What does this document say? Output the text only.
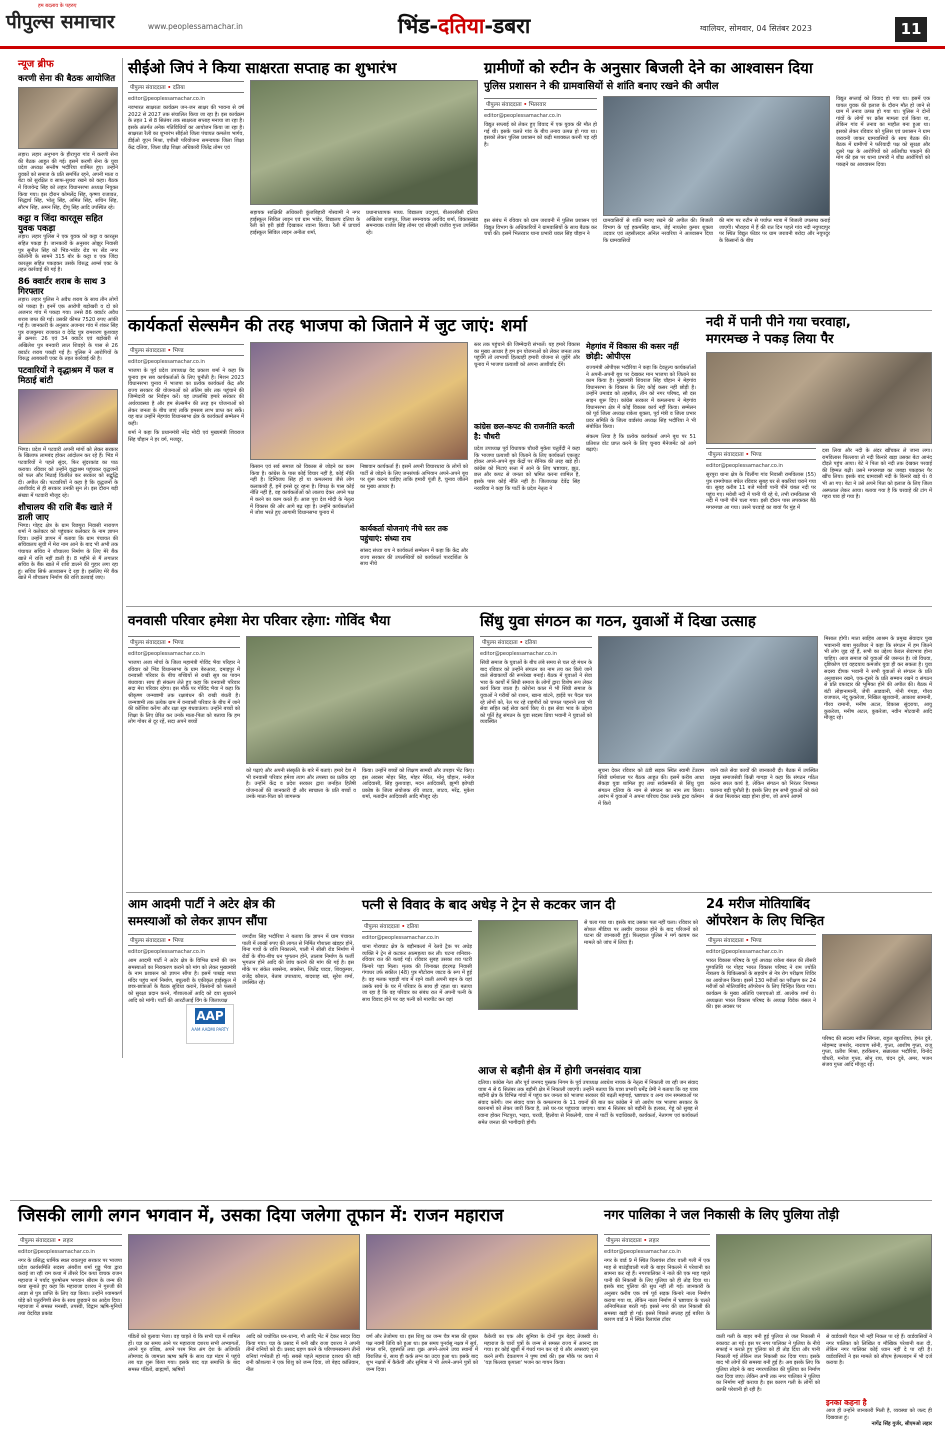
पीपुल्स समाचार
हम बदलाव के पहरुए
www.peoplessamachar.in	भिंड-दतिया-डबरा	ग्वालियर, सोमवार, 04 सितंबर 2023	11
न्यूज ब्रीफ
करणी सेना की बैठक आयोजित
लहार। लहार अनुभाग के हीरापुरा गांव में करणी सेना की बैठक आहूत की गई। इसमें करणी सेना के युवा प्रदेश अध्यक्ष सन्तीष भदौरिया शामिल हुए। उन्होंने युवकों को समाज के प्रति समर्पित रहने, अपनी माता व बेटा को सुरक्षित व साफ-सुथरा रखने को कहा। बैठक में विजयेन्द्र सिंह को लहार विधानसभा अध्यक्ष नियुक्त किया गया। इस दौरान कोमलेंद्र सिंह, कृष्णा राजावत, सिद्धार्थ सिंह, भोलू सिंह, अमित सिंह, सचिन सिंह, सौरभ सिंह, अमन सिंह, दीपू सिंह आदि उपस्थित रहे।
कट्टा व जिंदा कारतूस सहित युवक पकड़ा
लहार। लहार पुलिस ने एक युवक को कट्टा व कारतूस सहित पकड़ा है। जानकारी के अनुसार ओझुर निवासी पुत्र सुनील सिंह को भिंड-भांडेर रोड पर सेंड नगर कॉलोनी के सामने 315 बोर के कट्टा व एक जिंदा कारतूस सहित पकड़कर उसके विरुद्ध आर्म्स एक्ट के तहत कार्रवाई की गई है।
86 क्वार्टर शराब के साथ 3 गिरफ्तार
लहार। लहार पुलिस ने अवैध शराब के साथ तीन लोगों को पकड़ा है। इनमें एक आरोपी बड़ोखरी व दो को अजनार गांव में पकड़ा गया। उनसे 86 क्वार्टर अवैध शराब जब्त की गई। उसकी कीमत 7520 रुपए आंकी गई है। जानकारी के अनुसार अजनार गांव में शंकर सिंह पुत्र राजकुमार राजावत व देवेंद्र पुत्र रामशरण कुशवाह से क्रमश: 26 एवं 34 क्वार्टर एवं बड़ोखरी से अखिलेश पुत्र बनवारी लाल शिवहरे के पास से 26 क्वार्टर शराब पकड़ी गई है। पुलिस ने आरोपियों के विरुद्ध आबकारी एक्ट के तहत कार्रवाई की है।
पटवारियों ने वृद्धाश्रम में फल व मिठाई बांटी
भिण्ड। प्रदेश में पटवारी अपनी मांगों को लेकर सरकार के खिलाफ लामबंद होकर आंदोलन कर रहे हैं। भिंड में पटवारियों ने पहले सुंदर, फिर सुंदरकांड का पाठ कराया। रविवार को उन्होंने वृद्धाश्रम पहुंचकर वृद्धजनों को फल और मिठाई वितरित कर सरकार को सद्बुद्धि दी। अपील की। पटवारियों ने कहा है कि वृद्धजनों के आशीर्वाद से ही सरकार उनकी सुन ले। इस दौरान बड़ी संख्या में पटवारी मौजूद रहे।
शौचालय की राशि बैंक खाते में डाली जाए
भिण्ड। गोहद क्षेत्र के ग्राम रिछपुरा निवासी नारायण शर्मा ने कलेक्टर को पहुंचकर कलेक्टर के नाम ज्ञापन दिया। उन्होंने ज्ञापन में बताया कि ग्राम पंचायत की सचिवालय सूची में मेरा नाम आने के बाद भी अभी तक पंचायत सचिव ने शौचालय निर्माण के लिए मेरे बैंक खाते में राशि नहीं डाली है। 8 महीने से मैं लगातार सचिव के बैंक खाते में राशि डालने की गुहार लगा रहा हूं। सचिव सिर्फ आश्वासन दे रहा है। इसलिए मेरे बैंक खाते में शौचालय निर्माण की राशि डलवाई जाए।
सीईओ जिपं ने किया साक्षरता सप्ताह का शुभारंभ
पीपुल्स संवाददाता • दतिया
editor@peoplessamachar.co.in
नवभारत साक्षरता कार्यक्रम जन-जन साक्षर की भावना से वर्ष 2022 से 2027 तक संचालित किया जा रहा है। इस कार्यक्रम के तहत 1 से 8 सितंबर तक साक्षरता सप्ताह मनाया जा रहा है। इसके अंतर्गत अनेक गतिविधियों का आयोजन किया जा रहा है। साक्षरता रैली का शुभारंभ सीईओ जिला पंचायत कमलेश भार्गव, डीईओ यूएन मिश्रा, एपीसी परियोजना समन्वयक जिला शिक्षा केंद्र दतिया, जिला प्रौढ़ शिक्षा अधिकारी जितेंद्र तोमर एवं
सहायक साक्षिकी अधिकारी कुंजबिहारी गोस्वामी ने नगर हाईस्कूल सिविल लाइन एवं ग्राम भांडेर, विद्यालय दतिया के रैली को हरी झंडी दिखाकर रवाना किया। रैली में प्राचार्य हाईस्कूल सिविल लाइन अनीता शर्मा,
प्रधानाध्यापक माध्य. विद्यालय उदगुवां, बीआरसीसी दतिया अखिलेश राजपूत, जिला समन्वयक अरविंद शर्मा, विकासखंड समन्वयक राजेश सिंह तोमर एवं सीएसी राजीव गुप्ता उपस्थित रहे।
ग्रामीणों को रुटीन के अनुसार बिजली देने का आश्वासन दिया
पुलिस प्रशासन ने की ग्रामवासियों से शांति बनाए रखने की अपील
पीपुल्स संवाददाता • भितरवार
editor@peoplessamachar.co.in
विद्युत सप्लाई को लेकर हुए विवाद में एक युवक की मौत हो गई थी। इसके चलते गांव के बीच तनाव उत्पन्न हो गया था। इसको लेकर पुलिस प्रशासन को कड़ी मशक्कत करनी पड़ रही है।
इस संबंध में रविवार को ग्राम जरावनी में पुलिस प्रशासन एवं विद्युत विभाग के अधिकारियों ने ग्रामवासियों के साथ बैठक कर चर्चा की। इसमें भितरवार थाना प्रभारी धवल सिंह चौहान ने
ग्रामवासियों से शांति बनाए रखने की अपील की। बिजली विभाग के एई हकमसिंह खान, जेई नायलेश कुमार शुक्ला उदवार एवं तहसीलदार अनिल नरवरिया ने आश्वासन दिया कि ग्रामवासियों
की मांग पर रुटीन से पर्याप्त मात्रा में बिजली उपलब्ध कराई जाएगी। भौराहरा में हैं की रात दिन पहले गांव नदी नयुपदापुर पर स्थित विद्युत फीडर पर ग्राम जरावनी बरोदा और नयुपदुर के किसानों के बीच
विद्युत सप्लाई को विवाद हो गया था। इसमें एक घायल युवक की इलाज के दौरान मौत हो जाने से ग्राम में तनाव उत्पन्न हो गया था। पुलिस ने दोनों गांवों के लोगों पर क्रॉस मामला दर्ज किया था, लेकिन गांव में तनाव का माहौल बना हुआ था। इसको लेकर रविवार को पुलिस एवं प्रशासन ने ग्राम जरावनी जाकर ग्रामवासियों के साथ बैठक की। बैठक में ग्रामीणों ने फरियादी पक्ष को सुरक्षा और दूसरे पक्ष के आरोपियों को अतिशीघ्र पकड़ने की मांग की इस पर थाना प्रभारी ने शीघ्र आरोपियों को पकड़ने का आश्वासन दिया।
कार्यकर्ता सेल्समैन की तरह भाजपा को जिताने में जुट जाएं: शर्मा
पीपुल्स संवाददाता • भिण्ड
editor@peoplessamachar.co.in
भाजपा के पूर्व प्रदेश उपाध्यक्ष वेद प्रकाश शर्मा ने कहा कि चुनाव हम सब कार्यकर्ताओं के लिए चुनौती है। मिशन 2023 विधानसभा चुनाव में भाजपा का प्रत्येक कार्यकर्ता केंद्र और राज्य सरकार की योजनाओं को अंतिम छोर तक पहुंचाने की जिम्मेदारी का निर्वहन करें। यह उपलब्धि हमारे सरकार की अर्थव्यवस्था है और हम सेल्समैन की तरह इन योजनाओं को लेकर जनता के बीच जाएं ताकि हमसब लाभ प्राप्त कर सकें। यह बात उन्होंने मेहगांव विधानसभा क्षेत्र के कार्यकर्ता सम्मेलन में कही।
शर्मा ने कहा कि प्रधानमंत्री नरेंद्र मोदी एवं मुख्यमंत्री शिवराज सिंह चौहान ने हर वर्ग, मजदूर,
किसान एवं सर्व समाज को विकास से जोड़ने का काम किया है। कांग्रेस के पास कोई विचार नहीं है, कोई नीति नहीं है। दिग्विजय सिंह हों या कमलनाथ जैसे लोग कलाकारी हैं, हमें इनसे दूर रहना है। विपक्ष के पास कोई नीति नहीं है, वह कार्यकर्ताओं को लालच देकर अपने पक्ष में करने का काम करते हैं। आज पूरा देश मोदी के नेतृत्व में विकास की ओर आगे बढ़ रहा है। उन्होंने कार्यकर्ताओं में जोश भरते हुए आगामी विधानसभा चुनाव में
निष्ठावान कार्यकर्ता हैं। इसमें अपनी विचारधारा के लोगों को पार्टी से जोड़ने के लिए जनसंपर्क अभियान अपने-अपने बूथ पर शुरू करना चाहिए ताकि हमारी पूंजी है, चुनाव जीतने का मुख्य आधार है।
कार्यकर्ता योजनाएं नीचे स्तर तक पहुंचाएं: संध्या राय
सांसद संध्या राय ने कार्यकर्ता सम्मेलन में कहा कि केंद्र और राज्य सरकार की उपलब्धियों को कार्यकर्ता पारदर्शिता के साथ नीचे
स्तर तक पहुंचाने की जिम्मेदारी संभालें। यह हमारे विकास का मुख्य आधार है हम इन योजनाओं को लेकर जनता तक पहुंचेंगे तो लाभार्थी हितग्राही हमारी योजना से जुड़ेंगे और चुनाव में भाजपा प्रत्याशी को अपना आशीर्वाद देंगे।
कांग्रेस छल-कपट की राजनीति करती है: चौधरी
प्रदेश उपाध्यक्ष पूर्व विधायक चौधरी मुकेश चतुर्वेदी ने कहा कि भाजपा प्रत्याशी को जिताने के लिए कार्यकर्ता एकजुट होकर अपने-अपने बूथ केंद्रों पर सैनिक की तरह खड़े हों। कांग्रेस को मिटाएं सत्ता में आने के लिए भ्रष्टाचार, झूठ, छल और कपट से जनता को भ्रमित करना शामिल है, इसके पास कोई नीति नहीं है। जिलाध्यक्ष देवेंद्र सिंह नरवरिया ने कहा कि पार्टी के प्रदेश नेतृत्व ने
मेहगांव में विकास की कसर नहीं छोड़ी: ओपीएस
राज्यमंत्री ओपीएस भदौरिया ने कहा कि देवतुल्य कार्यकर्ताओं ने अपनी-अपनी बूथ पर देखकर मान भाजपा को जिताने का काम किया है। मुख्यमंत्री शिवराज सिंह चौहान ने मेहगांव विधानसभा के विकास के लिए कोई कसर नहीं छोड़ी है। उन्होंने उमावंड को तहसील, तीन को नगर परिषद, सौ दस साइन शुरू दिए। कांग्रेस सरकार में कमलनाथ ने मेहगांव विधानसभा क्षेत्र में कोई विकास कार्य नहीं किया। सम्मेलन को पूर्व जिला अध्यक्ष राकेश शुक्ला, पूर्व मंत्री व जिला प्रभार प्रवर समिति के जिला वार्डसंध अध्यक्ष सिंह भदौरिया ने भी संबोधित किया।
संकल्प लिया है कि प्रत्येक कार्यकर्ता अपने बूथ पर 51 प्रतिशत वोट प्राप्त करने के लिए चुनाव मैनेजमेंट को आगे बढ़ाएं।
नदी में पानी पीने गया चरवाहा,
मगरमच्छ ने पकड़ लिया पैर
पीपुल्स संवाददाता • भिण्ड
editor@peoplessamachar.co.in
सुरपुरा थाना क्षेत्र के चिलौंगा गांव निवासी रामविलास (55) पुत्र रामगोपाल बघेल रविवार सुबह घर से बकरियां चराने गया था। सुबह करीब 11 बजे मवेशी पानी पीने चंबल नदी पर पहुंच गए। मवेशी नदी में पानी पी रहे थे, तभी रामविलास भी नदी में पानी पीने चला गया। इसी दौरान पास लपककर बैठे मगरमच्छ आ गया। उसने चरवाहे का बायां पैर मुंह में
दबा लिया और नदी के अंदर खींचकर ले जाना लगा। रामविलास चिल्लाया तो नदी किनारे खड़ा उसका बेटा आनंद दौड़ते पहुंच आया। बेटे ने पिता को नदी तक देखकर परवाई की हिम्मत बढ़ी। उसने मगरमच्छ का जबड़ा पकड़कर पैर खींच लिया। इसके बाद ग्रामवासी नदी के किनारे खड़े थे। वे भी आ गए। बेटा ने उसे अपने पिता को इलाज के लिए जिला अस्पताल लेकर आया। बताया गया है कि चरवाहे की टांग में गहरा घाव हो गया है।
वनवासी परिवार हमेशा मेरा परिवार रहेगा: गोविंद भैया
पीपुल्स संवाददाता • भिण्ड
editor@peoplessamachar.co.in
भाजपा अजा मोर्चा के जिला महामंत्री गोविंद भैया परिहार ने रविवार को भिंड विधानसभा के ग्राम बेरुआरा, दमाइपुर में वनवासी परिवार के बीच बच्चियों से राखी सूत्र का पावन बंधवाया। साथ ही संकल्प लेते हुए कहा कि वनवासी परिवार सदा मेरा परिवार रहेगा। इस मौके पर गोविंद भैया ने कहा कि श्रीकृष्ण जन्माष्टमी तक रक्षाबंधन की राखी बंधती है। जन्माष्टमी तक प्रत्येक ग्राम में वनवासी परिवार के बीच में जाने की कोशिश करेंगा और रक्षा सूत्र बंधवाऊंगा। उन्होंने बच्चों को शिक्षा के लिए प्रेरित कर उनके माता-पिता को बताया कि हम लोग गोबर से दूर रहें, सदा अपने बच्चों
को पढ़ाएं और अपनी संस्कृति के बारे में बताएं। हमारे देश में भी वनवासी परिवार हमेशा त्याग और तपस्या का प्रतीक रहा है। उन्होंने केंद्र व प्रदेश सरकार द्वारा जनहित हितैषी योजनाओं की जानकारी दी और स्वच्छता के प्रति बच्चों व उनके माता-पिता को जागरूक
किया। उन्होंने बच्चों को शिक्षण सामग्री और उपहार भेंट किए। इस अवसर मोहर सिंह, मोहर मेरित, मोनू चौहान, मनोज आदिवासी, सिंह कुशवाहा, मदन आदिवासी, झुग्गी झोपड़ी प्रकोष्ठ के जिला संयोजक रवि जाटव, जाटव, मरेंद्र, मुकेश शर्मा, मतादीन आदिवासी आदि मौजूद रहे।
सिंधु युवा संगठन का गठन, युवाओं में दिखा उत्साह
पीपुल्स संवाददाता • दतिया
editor@peoplessamachar.co.in
सिंधी समाज के युवाओं के बीच लंबे समय से चल रहे मंथन के बाद रविवार को उन्होंने संगठन का नाम तय कर किये जाने वाले सेवाकार्यों की रूपरेखा बनाई। बैठक में युवाओं ने सेवा भाव के कार्यों में सिंधी समाज के लोगों द्वारा विशेष रूप लेकर कार्य किया जाता है। कोरोना काल में भी सिंधी समाज के युवाओं ने गरीबों को राशन, खाना बांटने, हाईवे पर पैदल चल रहे लोगों को, रेल पर रहे राहगीरों को चप्पल पहनाने तथा भी सेवा सहित कई सेवा कार्य किए थे। इस सेवा भाव के उद्देश्य को पूर्ति हेतु संगठन के युवा सदस्य प्रिया भवानी ने युवाओं को व्यवस्थित
सूचना देकर रविवार को ठंडी सड़क स्थित स्वामी टेंउराम सिंधी धर्मशाला पर बैठक आहूत की। इसमें करीब आधा सैकड़ा युवा शामिल हुए तथा सर्वसम्मति से सिंधु युवा संगठन दतिया के नाम से संगठन का नाम तय किया। आरंभ में युवाओं ने अपना परिचय देकर उनके द्वारा वर्तमान में किये
जाने वाले सेवा कार्यों की जानकारी दी। बैठक में उपस्थित प्रमुख समाजसेवी किन्नी गागड़ा ने कहा कि संगठन गठित करना सरल कार्य है, लेकिन संगठन को निरंतर नियम्बत चलाना बड़ी चुनौती है। इसके लिए हम सभी युवाओं को कंधे से कंधा मिलाकर खड़ा होना होगा, जो अपने आपमें
मिसाल होगी। माता साहिब आश्रम के प्रमुख सेवादार पुख भवानानी बाबा मुरलीधर ने कहा कि संगठन में हम जितने भी लोग जुड़ रहे हैं, सभी का उद्देश्य केवल सेवाभाव होना चाहिए। आज समाज को युवाओं की जरूरत है। जो विधवा, दृष्टिकोण एवं वहदयाय कमजोर युवा ही कर सकता है। युवा सदस्य दीपक भवानी ने सभी युवाओं से संगठन के प्रति अनुशासन रखने, एक-दूसरे के प्रति सम्मान रखने व संगठन से प्रति वफादार की भूमिका होने की अपील की। बैठक में बंटी लोहानामानी, जेपी आडवानी, गोनी गंगड़ा, गौरव राजपाल, नंदू कुकरेजा, निखिल खुशवानी, आकाश सामानी, गौरव रामानी, मनीष अटल, विकास सुंदराया, आयु कुकरेजा, मनीष अटल, कुकरेजा, नवीन मोटवानी आदि मौजूद रहे।
आम आदमी पार्टी ने अटेर क्षेत्र की
समस्याओं को लेकर ज्ञापन सौंपा
पीपुल्स संवाददाता • भिण्ड
editor@peoplessamachar.co.in
आम आदमी पार्टी ने अटेर क्षेत्र के विभिन्न ग्रामों की जन समस्याओं का निराकरण कराने को मांग को लेकर मुख्यमंत्री के नाम प्रशासन को ज्ञापन सौंपा है। इसमें पाखड़ माधा मंदिर पहुंच मार्ग निर्माण, बघुलारी के एकीकृत हाईस्कूल में छात्र-छात्राओं के बैठक सुविधा कराने, किसानों को फसलों को सुरक्षा प्रदान करने, गौशालाओं आदि को दया सुधारने आदि को मांगी। पार्टी की आरटीआई विंग के जिलाध्यक्ष
AAP
AAM AADMI PARTY
जगदीश सिंह भदौरिया ने बताया कि ज्ञापन में ग्राम पंचायत पाली में लाखों रुपए की लागत से निर्मित गौशाला खंडहर होने, बिना गायों के राशि निकालने, पाली में सीसी रोड निर्माण में रोडों के बीच-बीच धन भुगतान होने, तालाब निर्माण के फर्जी भुगतान होने आदि की जांच कराने की मांग की गई है। इस मौके पर संकेत सक्सेना, सक्सेना, जितेंद्र यादव, शिवकुमार, राजेंद्र कौशल, बेताब उपाध्याय, बादशाह खां, सुरेश शर्मा, उपस्थित रहे।
पत्नी से विवाद के बाद अधेड़ ने ट्रेन से कटकर जान दी
पीपुल्स संवाददाता • दतिया
editor@peoplessamachar.co.in
थाना गोराघाट क्षेत्र के बड़ौनकलां में रेलवे ट्रैक पर अधेड़ व्यक्ति ने ट्रेन से कटकर आत्महत्या कर ली। घटना शनिवार-रविवार रात की बताई गई। रविवार सुबह उसका शव पटरी किनारे पड़ा मिला। मृतक की शिनाख्त इंदरगढ़ निवासी गंगाधर उर्फ सकील (48) पुत्र मौटोराम जाटव के रूप में हुई है। वह मलक पहाड़ी गांव में रहने वाली अपनी बहन के यहां उसके साथे के घर में परिवार के साथ ही रहता था। बताया जा रहा है कि वह परिवार का संबंध रात में अपनी पत्नी के साथ विवाद होने पर वह पत्नी को मारपीट कर वहां
से चला गया था। इसके बाद उसका पता नहीं चला। रविवार को सोशल मीडिया पर तस्वीर वायरल होने के बाद परिजनों को घटना की जानकारी हुई। फिलहाल पुलिस ने मर्ग कायम कर मामले को जांच में लिया है।
आज से बड़ौनी क्षेत्र में होगी जनसंवाद यात्रा
दतिया। कांग्रेस नेता और पूर्व जनपद पुस्तक निगम के पूर्व उपाध्यक्ष अवधेश नायक के नेतृत्व में निकाली जा रही जन संवाद यात्रा 4 से 6 सितंबर तक बड़ौनी क्षेत्र में निकाली जाएगी। उन्होंने बताया कि यात्रा प्रभारी धर्मेंद्र प्रेमी ने बताया कि यह यात्रा बड़ौनी क्षेत्र के विभिन्न गांवों में पहुंच कर जनता को भाजपा सरकार की बढ़ती महंगाई, भ्रष्टाचार व अन्य जन समस्याओं पर संवाद करेगी। जन संवाद यात्रा के कमलनाथ के 11 वचनों की बात कर कांग्रेस ने जो आरोप पत्र भाजपा सरकार के कारनामों को लेकर जारी किया है, उसे घर-घर पहुंचाया जाएगा। यात्रा 4 सितंबर को बड़ौनी के हलका, गेहूं को सुबह से रवाना होकर भिटपुरा, भड़रा, चरधी, हिलोया से निकलेगी, यात्रा में पार्टी के पदाधिकारी, कार्यकर्ता, नेतागण एवं कार्यकर्ता समेत जनता की भागीदारी होगी।
24 मरीज मोतियाबिंद
ऑपरेशन के लिए चिन्हित
पीपुल्स संवाददाता • भिण्ड
editor@peoplessamachar.co.in
भारत विकास परिषद के पूर्व अध्यक्ष राकेश बंसल की तीसरी पुण्यतिथि पर गोहद भारत विकास परिषद ने राम ज्योति नेत्रालय के चिकित्सकों के सहयोग से नेत्र रोग परीक्षण शिविर का आयोजन किया। इसमें 130 मरीजों का परीक्षण कर 24 मरीजों को मोतियाबिंद ऑपरेशन के लिए चिन्हित किया गया। कार्यक्रम के मुख्य अतिथि एसएचओ डॉ. आलोक शर्मा थे। अध्यक्षता भारत विकास परिषद के अध्यक्ष विवेक बंसल ने की। इस अवसर पर
परिषद की सदस्य नवीन सिंगला, राहुल खुराशिया, हेमंत दुबे, मोहम्मद जमशेर, नारायण सोनी, गुप्ता, आशीष गुप्ता, राजू गुप्ता, प्रतीश मिश्रा, हरकिशन, सन्नालाल भदौरिया, विनोद चौधरी, मनोज गुप्ता, सोनू राय, चंदन दुबे, अमर, भजन संजय गुप्ता आदि मौजूद रहे।
जिसकी लागी लगन भगवान में, उसका दिया जलेगा तूफान में: राजन महाराज
पीपुल्स संवाददाता • लहार
editor@peoplessamachar.co.in
नगर के प्रसिद्ध धार्मिक स्थल रावतपुरा सरकार पर भाजपा प्रदेश कार्यसमिति सदस्य अंबरीश शर्मा गुड्डू भैया द्वारा कराई जा रही राम कथा में तीसरे दिन कथा वाचक राजन महाराज ने पर्याद पुरुषोत्तम भगवान श्रीराम के जन्म की कथा सुनाते हुए कहा कि महाराजा दशरथ ने गुरुजी की आज्ञा से पुत्र प्राप्ति के लिए यज्ञ किया। उन्होंने श्यामकर्ण घोड़े को चतुरंगिणी सेना के साथ छुड़वाने का आदेश दिया। महाराजा ने समस्त मनस्वी, तपस्वी, विद्वान ऋषि-मुनियों तथा वेदविज्ञ प्रकांड
पंडितों को बुलावा भेजा। वह चाहते थे कि सभी यज्ञ में शामिल हों। यज्ञ का समय आने पर महाराजा दशरथ सभी अभ्यागतों, अपने गुरु वशिष्ठ, अपने परम मित्र अंग देश के अधिपति लोमपाद के जामाता ऋष्य ऋषि के साथ यज्ञ मंडप में पहुंचे तब यज्ञ शुरू किया गया। इसके बाद यज्ञ समाप्ति के बाद समस्त पंडितों, ब्राह्मणों, ऋषियों
आदि को यथोचित धन-धान्य, गौ आदि भेंट में देकर सादर विदा किया गया। यज्ञ के प्रसाद में बनी खीर राजा दशरथ ने अपनी तीनों रानियों को दी। प्रसाद ग्रहण करने के परिणामस्वरूप तीनों रानियां गर्भवती हो गईं। सबसे पहले महाराज दशरथ की बड़ी रानी कौशल्या ने एक शिशु को जन्म दिया, जो बेहद कांतिवान, नील
वर्ण और तेजोमय था। इस शिशु का जन्म चैत्र मास की शुक्ल पक्ष नवमी तिथि को हुआ था। इस समय पुनर्वसु नक्षत्र में सूर्य, मंगल शनि, वृहस्पति तथा शुक्र अपने-अपने उच्च स्थानों में विराजित थे, साथ ही कर्क लग्न का उदय हुआ था। इसके बाद शुभ नक्षत्रों में कैकेयी और सुमित्रा ने भी अपने-अपने पुत्रों को जन्म दिया।
कैकेयी का एक और सुमित्रा के दोनों पुत्र बेहद तेजस्वी थे। महाराज के चारों पुत्रों के जन्म से समस्त राज्य में आनन्द छा गया। हर कोई खुशी में गंधर्व गान कर रहे थे और अप्सराएं नृत्य करने लगीं। देवतागण ने पुष्प वर्षा की। इस मौके पर कथा में 'यज्ञ फिलवा कृपाला' भजन का गायन किया।
नगर पालिका ने जल निकासी के लिए पुलिया तोड़ी
पीपुल्स संवाददाता • लहार
editor@peoplessamachar.co.in
नगर के वार्ड 9 में स्थित रिलायंस टॉवर वाली गली में एक माह से बाउंड्रीवाली गली के बाहर निकलने में परेशानी का सामना कर रहे हैं। नगरपालिका ने नाले की एक माह पहले पानी की निकासी के लिए पुलिया को ही तोड़ दिया था। इसके बाद पुलिया की सुध नहीं ली गई। जानकारी के अनुसार करीब एक वर्ष पूर्व सड़क किनारे नाला निर्माण कराया गया था, लेकिन नाला निर्माण में भ्रष्टाचार के चलते अनियमितता बरती गई। इससे नगर की जल निकासी की समस्या खड़ी हो गई। इससे पिछले सप्ताह हुई बारिश के कारण वार्ड 9 में स्थित रिलायंस टॉवर
वाली गली के बाहर बनी हुई पुलिया से जल निकासी में रुकावट आ गई। इस पर नगर पालिका ने पुलिया के नीचे सफाई न कराते हुए पुलिया को ही तोड़ दिया और पानी निकाली गई लेकिन जल निकासी कर दिया गया। इसके बाद भी लोगों की समस्या बनी हुई है। अब इसके लिए कि पुलिया तोड़ने के बाद नगरपालिका की पुलिया का निर्माण करा दिया जाए। लेकिन अभी तक नगर पालिका ने पुलिया का निर्माण नहीं कराया है। इस कारण गली के लोगों को काफी परेशानी हो रही है।
से वार्डवासी पैदल भी नहीं निकल पा रहे हैं। वार्डवासियों ने नगर पालिका को लिखित व मौखिक परेशानी बता दी, लेकिन नगर पालिका कोई ध्यान नहीं दे पा रही है। वार्डवासियों ने इस मामले को सीएम हेल्पलाइन में भी दर्ज कराया है।
इनका कहना है
आज ही उन्होंने जानकारी मिली है, व्यवस्था को जल्द ही दिखवाता हूं।
नागेंद्र सिंह गुर्जर, सीएमओ लहार
